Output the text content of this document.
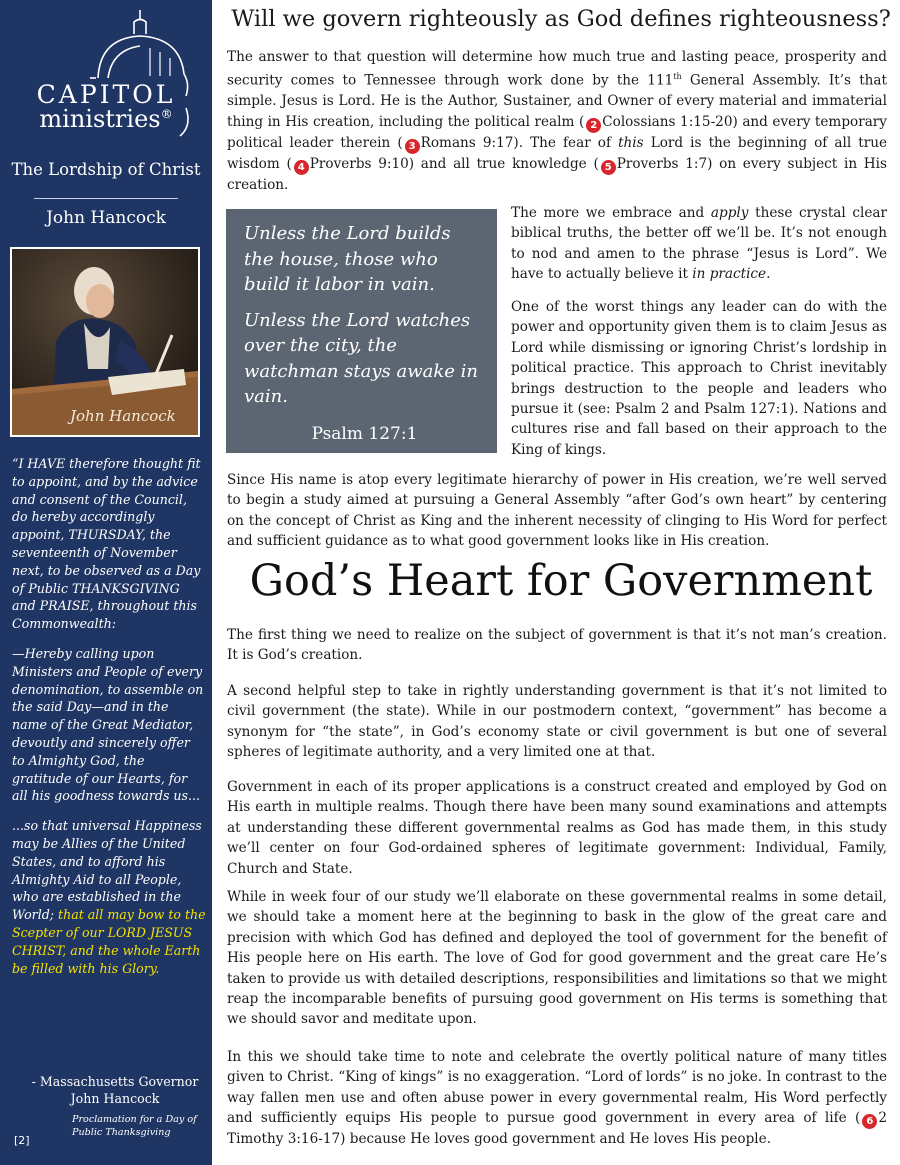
CAPITOL
ministries®
The Lordship of Christ
John Hancock
John Hancock

“I HAVE therefore thought fit to appoint, and by the advice and consent of the Council, do hereby accordingly appoint, THURSDAY, the seventeenth of November next, to be observed as a Day of Public THANKSGIVING and PRAISE, throughout this Commonwealth:

—Hereby calling upon Ministers and People of every denomination, to assemble on the said Day—and in the name of the Great Mediator, devoutly and sincerely offer to Almighty God, the gratitude of our Hearts, for all his goodness towards us...

...so that universal Happiness may be Allies of the United States, and to afford his Almighty Aid to all People, who are established in the World; that all may bow to the Scepter of our LORD JESUS CHRIST, and the whole Earth be filled with his Glory.

- Massachusetts Governor
John Hancock
Proclamation for a Day of Public Thanksgiving
[2]
Will we govern righteously as God defines righteousness?

The answer to that question will determine how much true and lasting peace, prosperity and security comes to Tennessee through work done by the 111th General Assembly. It’s that simple. Jesus is Lord. He is the Author, Sustainer, and Owner of every material and immaterial thing in His creation, including the political realm ( 2 Colossians 1:15-20) and every temporary political leader therein ( 3 Romans 9:17). The fear of this Lord is the beginning of all true wisdom ( 4 Proverbs 9:10) and all true knowledge ( 5 Proverbs 1:7) on every subject in His creation.

Unless the Lord builds the house, those who build it labor in vain.

Unless the Lord watches over the city, the watchman stays awake in vain.

Psalm 127:1

The more we embrace and apply these crystal clear biblical truths, the better off we’ll be. It’s not enough to nod and amen to the phrase “Jesus is Lord”. We have to actually believe it in practice.

One of the worst things any leader can do with the power and opportunity given them is to claim Jesus as Lord while dismissing or ignoring Christ’s lordship in political practice. This approach to Christ inevitably brings destruction to the people and leaders who pursue it (see: Psalm 2 and Psalm 127:1). Nations and cultures rise and fall based on their approach to the King of kings.
Since His name is atop every legitimate hierarchy of power in His creation, we’re well served to begin a study aimed at pursuing a General Assembly “after God’s own heart” by centering on the concept of Christ as King and the inherent necessity of clinging to His Word for perfect and sufficient guidance as to what good government looks like in His creation.
God’s Heart for Government
The first thing we need to realize on the subject of government is that it’s not man’s creation. It is God’s creation.
A second helpful step to take in rightly understanding government is that it’s not limited to civil government (the state). While in our postmodern context, “government” has become a synonym for “the state”, in God’s economy state or civil government is but one of several spheres of legitimate authority, and a very limited one at that.
Government in each of its proper applications is a construct created and employed by God on His earth in multiple realms. Though there have been many sound examinations and attempts at understanding these different governmental realms as God has made them, in this study we’ll center on four God-ordained spheres of legitimate government: Individual, Family, Church and State.
While in week four of our study we’ll elaborate on these governmental realms in some detail, we should take a moment here at the beginning to bask in the glow of the great care and precision with which God has defined and deployed the tool of government for the benefit of His people here on His earth. The love of God for good government and the great care He’s taken to provide us with detailed descriptions, responsibilities and limitations so that we might reap the incomparable benefits of pursuing good government on His terms is something that we should savor and meditate upon.

In this we should take time to note and celebrate the overtly political nature of many titles given to Christ. “King of kings” is no exaggeration. “Lord of lords” is no joke. In contrast to the way fallen men use and often abuse power in every governmental realm, His Word perfectly and sufficiently equips His people to pursue good government in every area of life ( 6 2 Timothy 3:16-17) because He loves good government and He loves His people.
